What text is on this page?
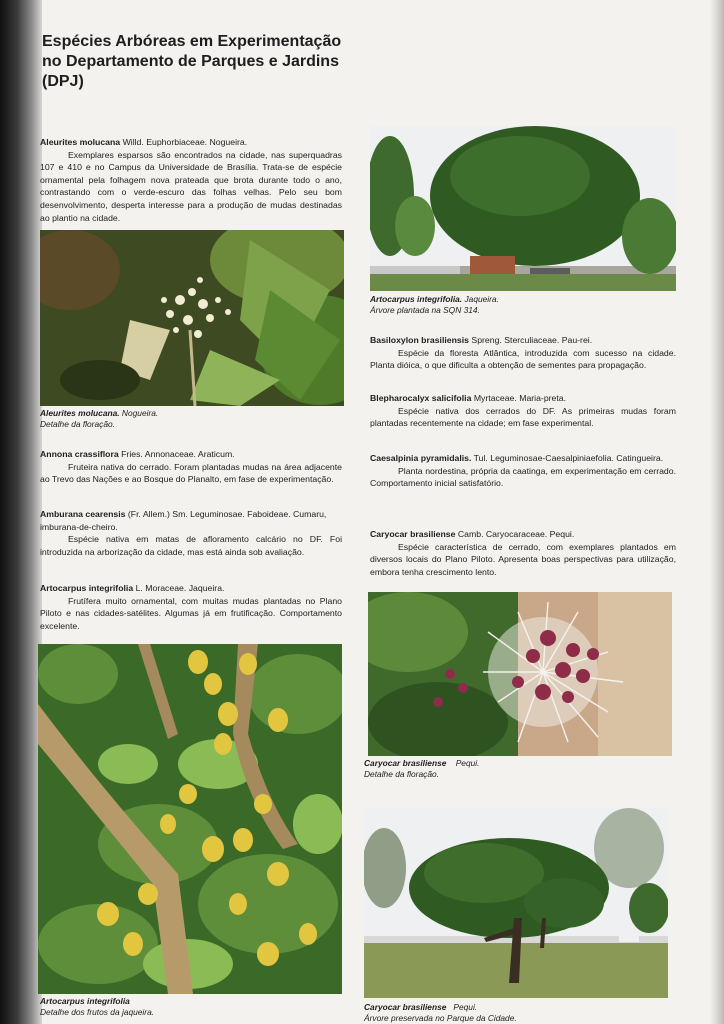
Espécies Arbóreas em Experimentação
no Departamento de Parques e Jardins
(DPJ)

Aleurites molucana Willd. Euphorbiaceae. Nogueira.

Exemplares esparsos são encontrados na cidade, nas superquadras 107 e 410 e no Campus da Universidade de Brasília. Trata-se de espécie ornamental pela folhagem nova prateada que brota durante todo o ano, contrastando com o verde-escuro das folhas velhas. Pelo seu bom desenvolvimento, desperta interesse para a produção de mudas destinadas ao plantio na cidade.

Aleurites molucana. Nogueira.
Detalhe da floração.

Annona crassiflora Fries. Annonaceae. Araticum.

Fruteira nativa do cerrado. Foram plantadas mudas na área adjacente ao Trevo das Nações e ao Bosque do Planalto, em fase de experimentação.

Amburana cearensis (Fr. Allem.) Sm. Leguminosae. Faboideae. Cumaru, imburana-de-cheiro.

Espécie nativa em matas de afloramento calcário no DF. Foi introduzida na arborização da cidade, mas está ainda sob avaliação.

Artocarpus integrifolia L. Moraceae. Jaqueira.

Frutífera muito ornamental, com muitas mudas plantadas no Plano Piloto e nas cidades-satélites. Algumas já em frutificação. Comportamento excelente.

Artocarpus integrifolia
Detalhe dos frutos da jaqueira.
Artocarpus integrifolia. Jaqueira.
Árvore plantada na SQN 314.

Basiloxylon brasiliensis Spreng. Sterculiaceae. Pau-rei.

Espécie da floresta Atlântica, introduzida com sucesso na cidade. Planta dióica, o que dificulta a obtenção de sementes para propagação.

Blepharocalyx salicifolia Myrtaceae. Maria-preta.

Espécie nativa dos cerrados do DF. As primeiras mudas foram plantadas recentemente na cidade; em fase experimental.

Caesalpinia pyramidalis. Tul. Leguminosae-Caesalpiniaefolia. Catingueira.

Planta nordestina, própria da caatinga, em experimentação em cerrado. Comportamento inicial satisfatório.

Caryocar brasiliense Camb. Caryocaraceae. Pequi.

Espécie característica de cerrado, com exemplares plantados em diversos locais do Plano Piloto. Apresenta boas perspectivas para utilização, embora tenha crescimento lento.

Caryocar brasiliense Pequi.
Detalhe da floração.
Caryocar brasiliense Pequi.
Árvore preservada no Parque da Cidade.
